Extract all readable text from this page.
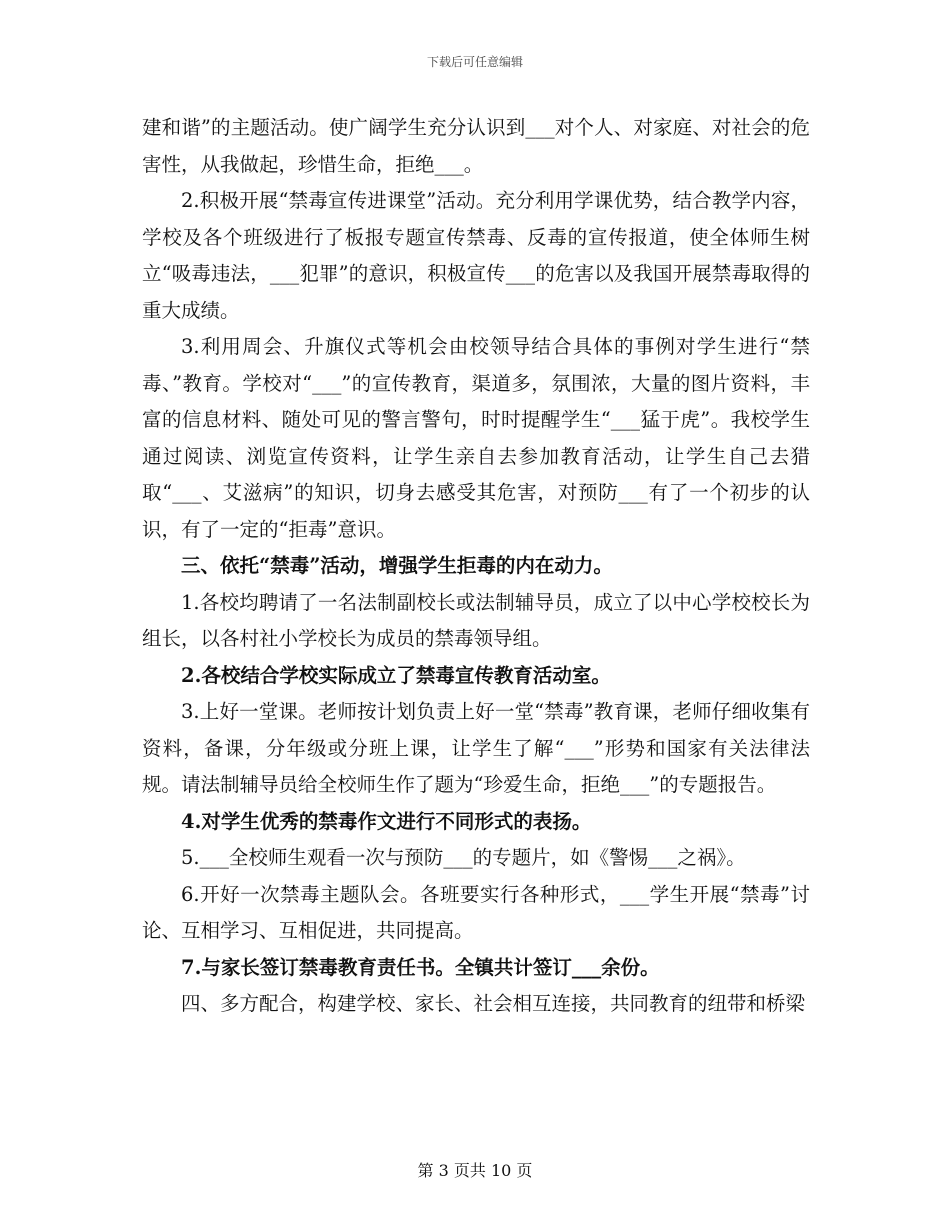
下载后可任意编辑

建和谐”的主题活动。使广阔学生充分认识到___对个人、对家庭、对社会的危害性，从我做起，珍惜生命，拒绝___。

2.积极开展“禁毒宣传进课堂”活动。充分利用学课优势，结合教学内容，学校及各个班级进行了板报专题宣传禁毒、反毒的宣传报道，使全体师生树立“吸毒违法，___犯罪”的意识，积极宣传___的危害以及我国开展禁毒取得的重大成绩。

3.利用周会、升旗仪式等机会由校领导结合具体的事例对学生进行“禁毒、”教育。学校对“___”的宣传教育，渠道多，氛围浓，大量的图片资料，丰富的信息材料、随处可见的警言警句，时时提醒学生“___猛于虎”。我校学生通过阅读、浏览宣传资料，让学生亲自去参加教育活动，让学生自己去猎取“___、艾滋病”的知识，切身去感受其危害，对预防___有了一个初步的认识，有了一定的“拒毒”意识。

三、依托“禁毒”活动，增强学生拒毒的内在动力。

1.各校均聘请了一名法制副校长或法制辅导员，成立了以中心学校校长为组长，以各村社小学校长为成员的禁毒领导组。

2.各校结合学校实际成立了禁毒宣传教育活动室。

3.上好一堂课。老师按计划负责上好一堂“禁毒”教育课，老师仔细收集有资料，备课，分年级或分班上课，让学生了解“___”形势和国家有关法律法规。请法制辅导员给全校师生作了题为“珍爱生命，拒绝___”的专题报告。

4.对学生优秀的禁毒作文进行不同形式的表扬。

5.___全校师生观看一次与预防___的专题片，如《警惕___之祸》。

6.开好一次禁毒主题队会。各班要实行各种形式，___学生开展“禁毒”讨论、互相学习、互相促进，共同提高。

7.与家长签订禁毒教育责任书。全镇共计签订___余份。

四、多方配合，构建学校、家长、社会相互连接，共同教育的纽带和桥梁

第 3 页共 10 页
